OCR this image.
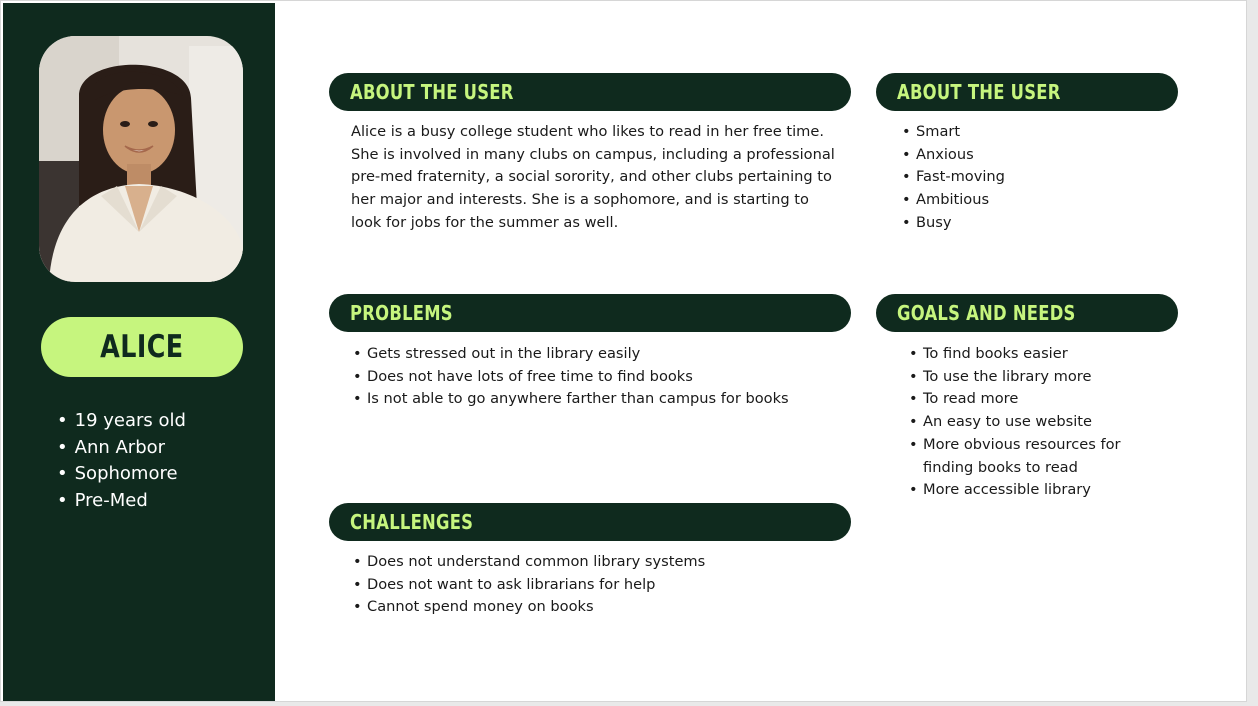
ALICE
• 19 years old
• Ann Arbor
• Sophomore
• Pre-Med
ABOUT THE USER

Alice is a busy college student who likes to read in her free time. She is involved in many clubs on campus, including a professional pre-med fraternity, a social sorority, and other clubs pertaining to her major and interests. She is a sophomore, and is starting to look for jobs for the summer as well.

ABOUT THE USER
• Smart
• Anxious
• Fast-moving
• Ambitious
• Busy
PROBLEMS
• Gets stressed out in the library easily
• Does not have lots of free time to find books
• Is not able to go anywhere farther than campus for books
GOALS AND NEEDS
• To find books easier
• To use the library more
• To read more
• An easy to use website
• More obvious resources for finding books to read
• More accessible library
CHALLENGES
• Does not understand common library systems
• Does not want to ask librarians for help
• Cannot spend money on books
